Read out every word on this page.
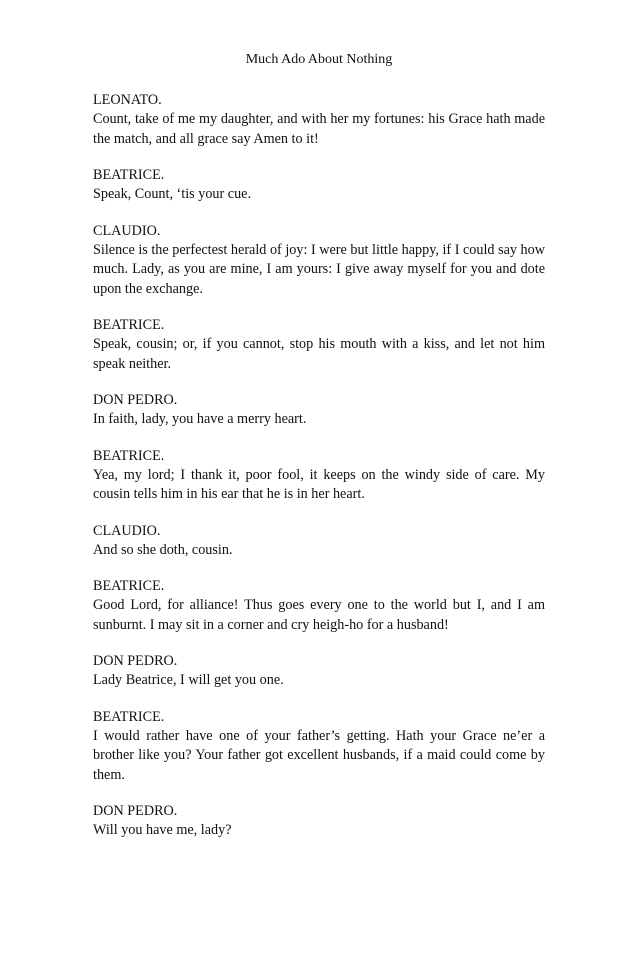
Much Ado About Nothing

LEONATO.

Count, take of me my daughter, and with her my fortunes: his Grace hath made the match, and all grace say Amen to it!

BEATRICE.

Speak, Count, ‘tis your cue.

CLAUDIO.

Silence is the perfectest herald of joy: I were but little happy, if I could say how much. Lady, as you are mine, I am yours: I give away myself for you and dote upon the exchange.

BEATRICE.

Speak, cousin; or, if you cannot, stop his mouth with a kiss, and let not him speak neither.

DON PEDRO.

In faith, lady, you have a merry heart.

BEATRICE.

Yea, my lord; I thank it, poor fool, it keeps on the windy side of care. My cousin tells him in his ear that he is in her heart.

CLAUDIO.

And so she doth, cousin.

BEATRICE.

Good Lord, for alliance! Thus goes every one to the world but I, and I am sunburnt. I may sit in a corner and cry heigh-ho for a husband!

DON PEDRO.

Lady Beatrice, I will get you one.

BEATRICE.

I would rather have one of your father’s getting. Hath your Grace ne’er a brother like you? Your father got excellent husbands, if a maid could come by them.

DON PEDRO.

Will you have me, lady?
